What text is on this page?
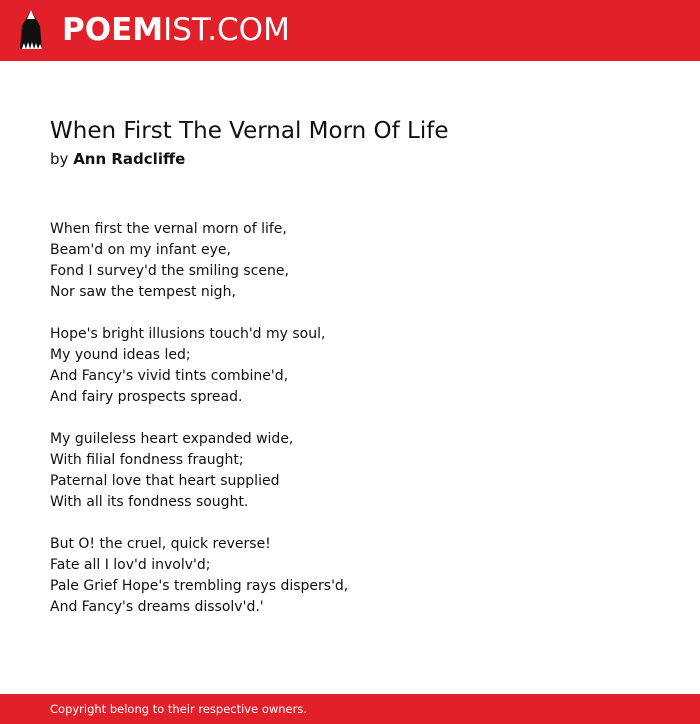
POEMIST.COM
When First The Vernal Morn Of Life
by Ann Radcliffe
When first the vernal morn of life,
Beam'd on my infant eye,
Fond I survey'd the smiling scene,
Nor saw the tempest nigh,
Hope's bright illusions touch'd my soul,
My yound ideas led;
And Fancy's vivid tints combine'd,
And fairy prospects spread.
My guileless heart expanded wide,
With filial fondness fraught;
Paternal love that heart supplied
With all its fondness sought.
But O! the cruel, quick reverse!
Fate all I lov'd involv'd;
Pale Grief Hope's trembling rays dispers'd,
And Fancy's dreams dissolv'd.'
Copyright belong to their respective owners.
